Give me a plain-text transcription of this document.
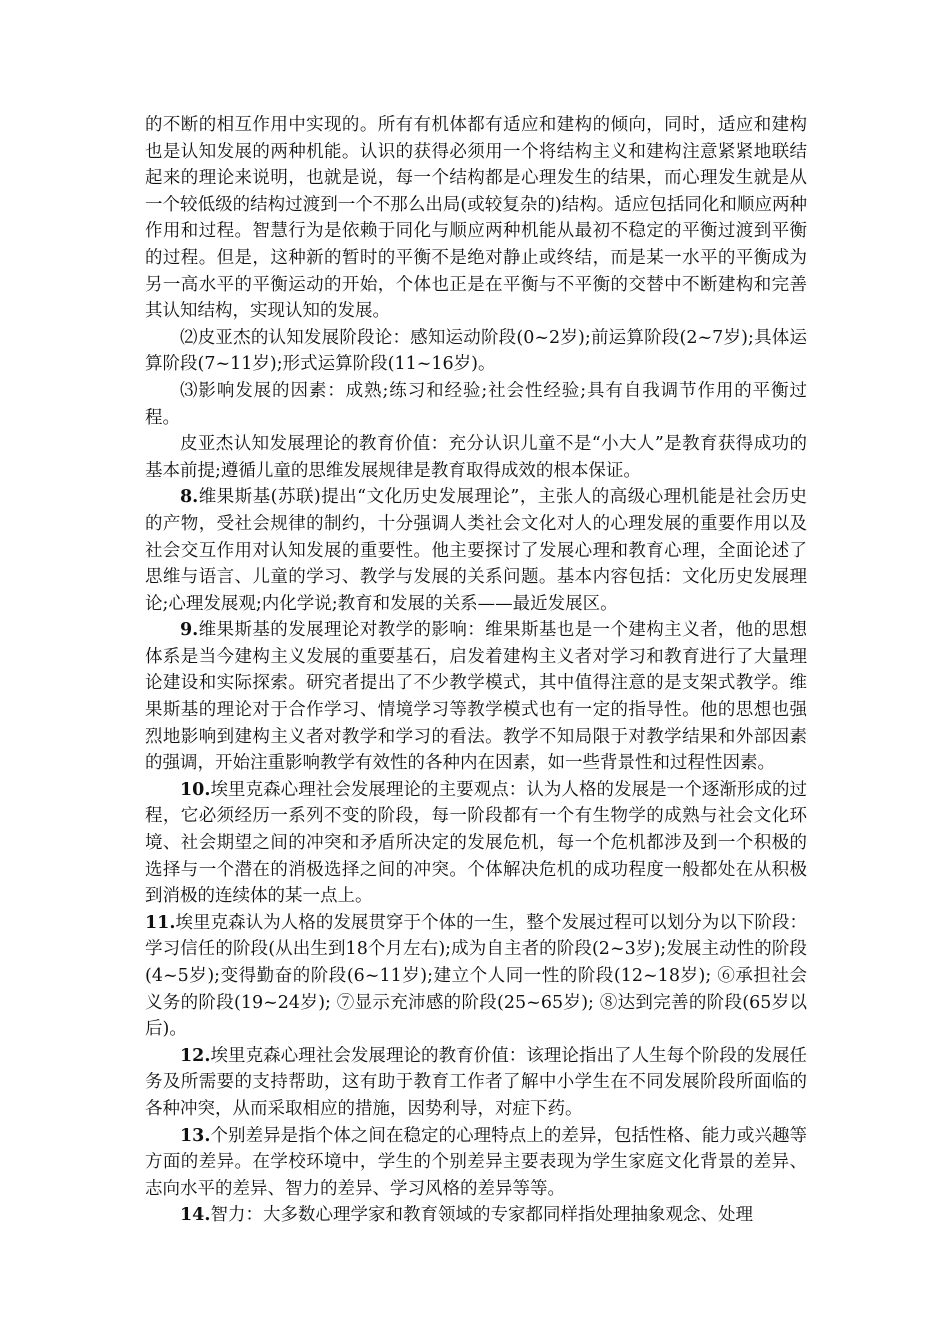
的不断的相互作用中实现的。所有有机体都有适应和建构的倾向，同时，适应和建构也是认知发展的两种机能。认识的获得必须用一个将结构主义和建构注意紧紧地联结起来的理论来说明，也就是说，每一个结构都是心理发生的结果，而心理发生就是从一个较低级的结构过渡到一个不那么出局(或较复杂的)结构。适应包括同化和顺应两种作用和过程。智慧行为是依赖于同化与顺应两种机能从最初不稳定的平衡过渡到平衡的过程。但是，这种新的暂时的平衡不是绝对静止或终结，而是某一水平的平衡成为另一高水平的平衡运动的开始，个体也正是在平衡与不平衡的交替中不断建构和完善其认知结构，实现认知的发展。

⑵皮亚杰的认知发展阶段论：感知运动阶段(0~2岁);前运算阶段(2~7岁);具体运算阶段(7~11岁);形式运算阶段(11~16岁)。

⑶影响发展的因素：成熟;练习和经验;社会性经验;具有自我调节作用的平衡过程。

皮亚杰认知发展理论的教育价值：充分认识儿童不是“小大人”是教育获得成功的基本前提;遵循儿童的思维发展规律是教育取得成效的根本保证。

8.维果斯基(苏联)提出“文化历史发展理论”，主张人的高级心理机能是社会历史的产物，受社会规律的制约，十分强调人类社会文化对人的心理发展的重要作用以及社会交互作用对认知发展的重要性。他主要探讨了发展心理和教育心理，全面论述了思维与语言、儿童的学习、教学与发展的关系问题。基本内容包括：文化历史发展理论;心理发展观;内化学说;教育和发展的关系——最近发展区。

9.维果斯基的发展理论对教学的影响：维果斯基也是一个建构主义者，他的思想体系是当今建构主义发展的重要基石，启发着建构主义者对学习和教育进行了大量理论建设和实际探索。研究者提出了不少教学模式，其中值得注意的是支架式教学。维果斯基的理论对于合作学习、情境学习等教学模式也有一定的指导性。他的思想也强烈地影响到建构主义者对教学和学习的看法。教学不知局限于对教学结果和外部因素的强调，开始注重影响教学有效性的各种内在因素，如一些背景性和过程性因素。

10.埃里克森心理社会发展理论的主要观点：认为人格的发展是一个逐渐形成的过程，它必须经历一系列不变的阶段，每一阶段都有一个有生物学的成熟与社会文化环境、社会期望之间的冲突和矛盾所决定的发展危机，每一个危机都涉及到一个积极的选择与一个潜在的消极选择之间的冲突。个体解决危机的成功程度一般都处在从积极到消极的连续体的某一点上。

11.埃里克森认为人格的发展贯穿于个体的一生，整个发展过程可以划分为以下阶段：学习信任的阶段(从出生到18个月左右);成为自主者的阶段(2~3岁);发展主动性的阶段(4~5岁);变得勤奋的阶段(6~11岁);建立个人同一性的阶段(12~18岁); ⑥承担社会义务的阶段(19~24岁); ⑦显示充沛感的阶段(25~65岁); ⑧达到完善的阶段(65岁以后)。

12.埃里克森心理社会发展理论的教育价值：该理论指出了人生每个阶段的发展任务及所需要的支持帮助，这有助于教育工作者了解中小学生在不同发展阶段所面临的各种冲突，从而采取相应的措施，因势利导，对症下药。

13.个别差异是指个体之间在稳定的心理特点上的差异，包括性格、能力或兴趣等方面的差异。在学校环境中，学生的个别差异主要表现为学生家庭文化背景的差异、志向水平的差异、智力的差异、学习风格的差异等等。

14.智力：大多数心理学家和教育领域的专家都同样指处理抽象观念、处理
